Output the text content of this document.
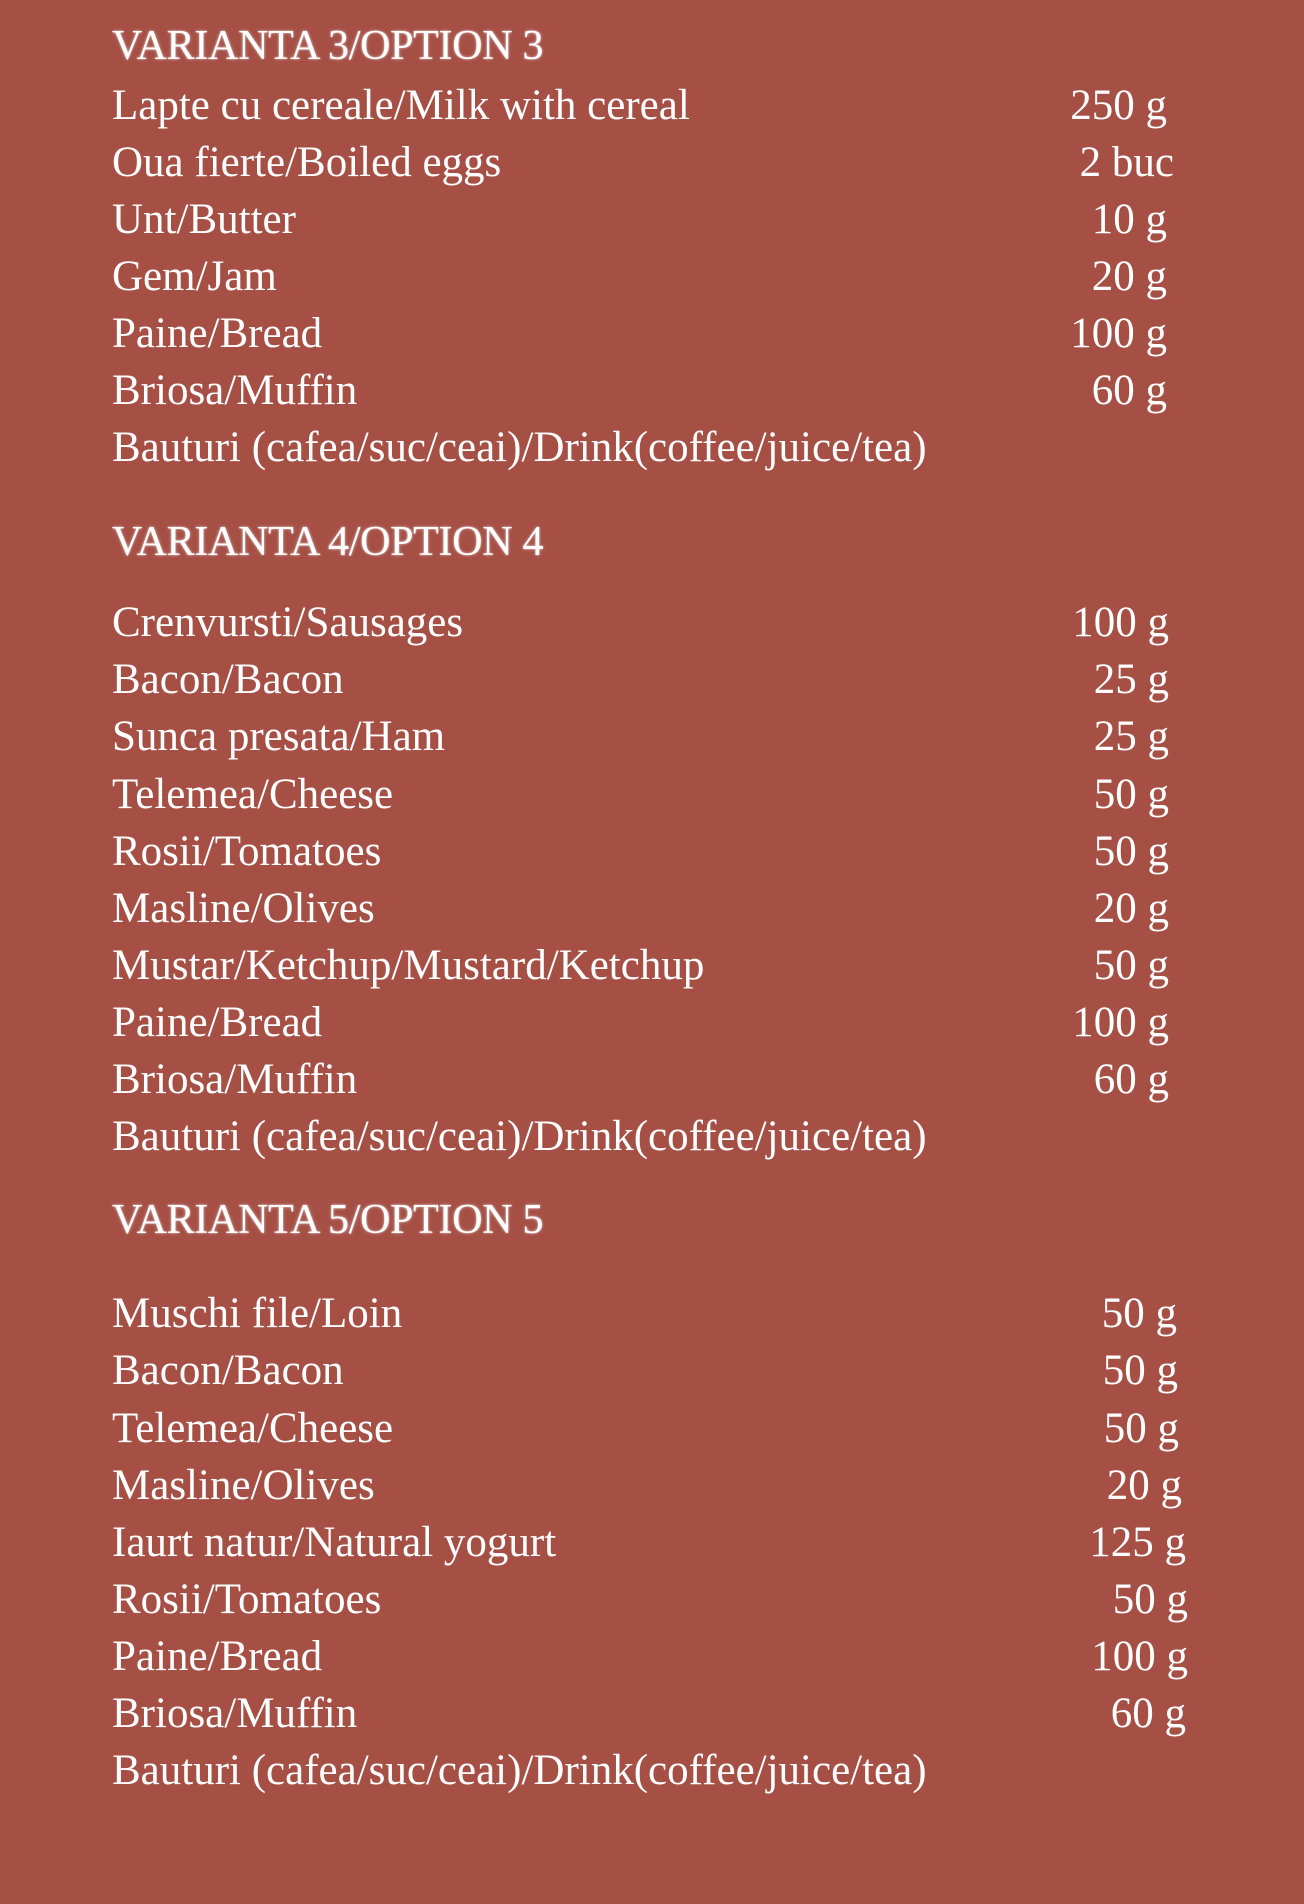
VARIANTA 3/OPTION 3
Lapte cu cereale/Milk with cereal	250 g
Oua fierte/Boiled eggs	2 buc
Unt/Butter	10 g
Gem/Jam	20 g
Paine/Bread	100 g
Briosa/Muffin	60 g
Bauturi (cafea/suc/ceai)/Drink(coffee/juice/tea)
VARIANTA 4/OPTION 4
Crenvursti/Sausages	100 g
Bacon/Bacon	25 g
Sunca presata/Ham	25 g
Telemea/Cheese	50 g
Rosii/Tomatoes	50 g
Masline/Olives	20 g
Mustar/Ketchup/Mustard/Ketchup	50 g
Paine/Bread	100 g
Briosa/Muffin	60 g
Bauturi (cafea/suc/ceai)/Drink(coffee/juice/tea)
VARIANTA 5/OPTION 5
Muschi file/Loin	50 g
Bacon/Bacon	50 g
Telemea/Cheese	50 g
Masline/Olives	20 g
Iaurt natur/Natural yogurt	125 g
Rosii/Tomatoes	50 g
Paine/Bread	100 g
Briosa/Muffin	60 g
Bauturi (cafea/suc/ceai)/Drink(coffee/juice/tea)
